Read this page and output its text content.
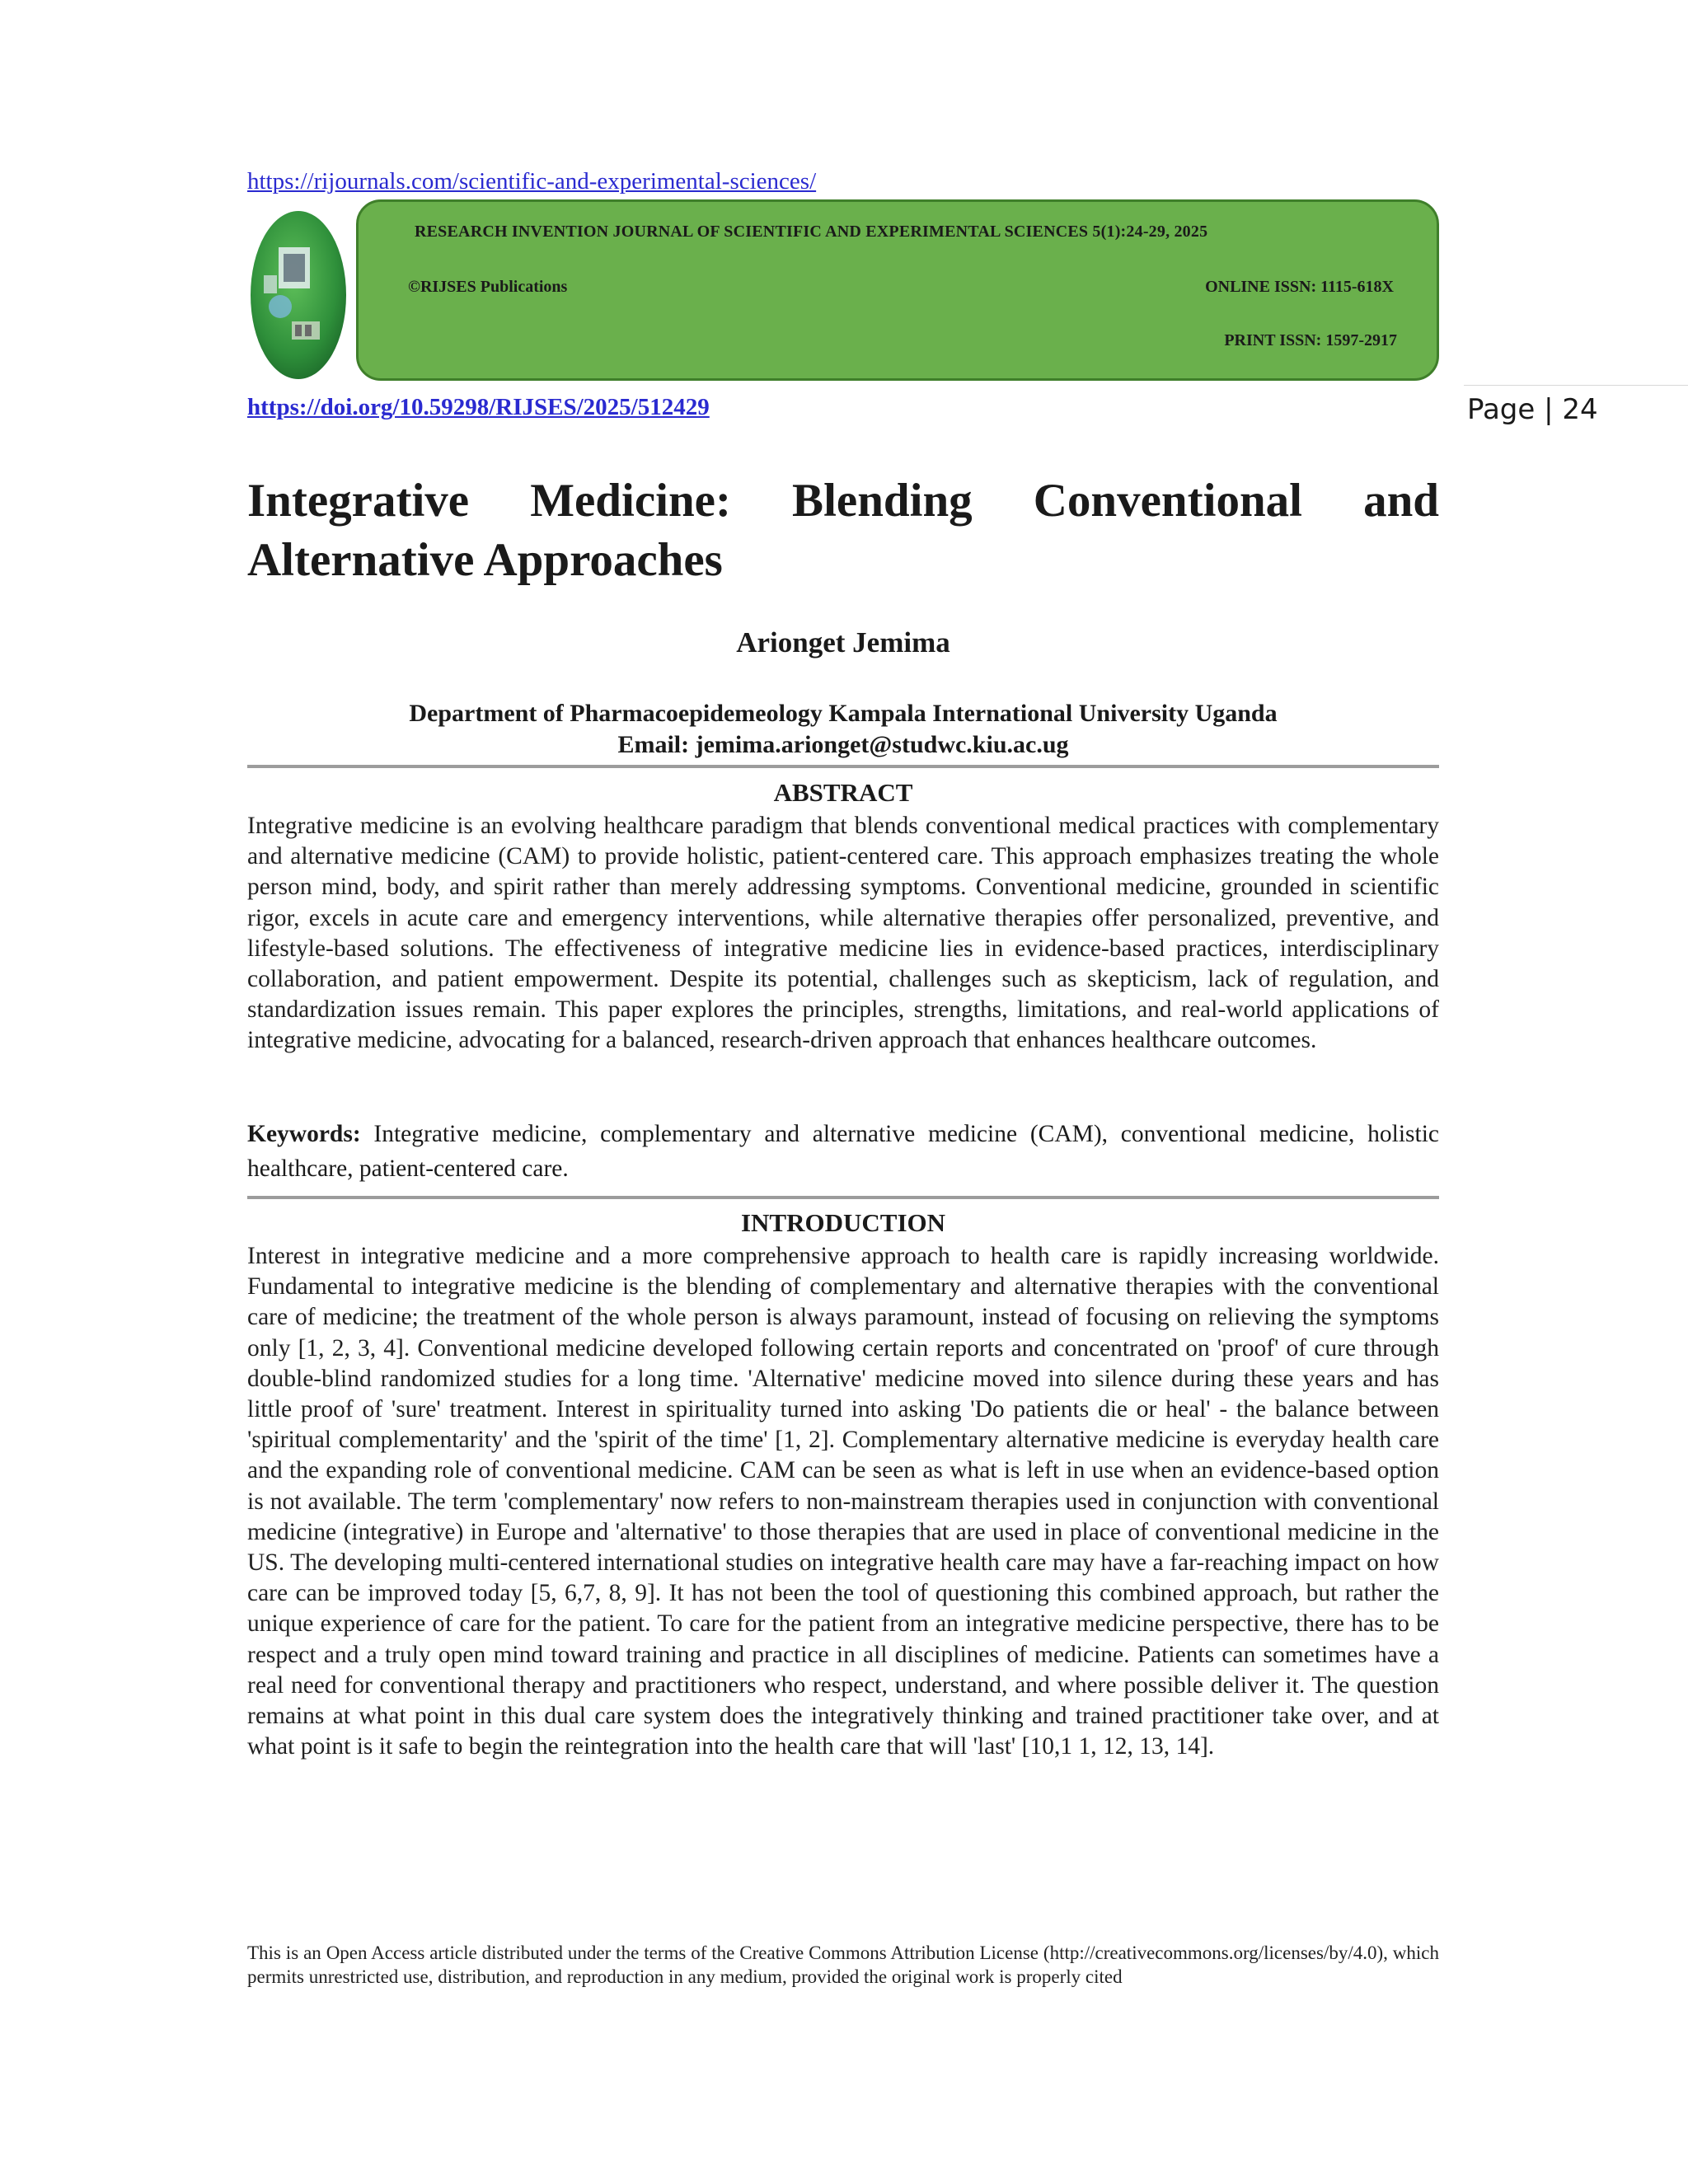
https://rijournals.com/scientific-and-experimental-sciences/
RESEARCH INVENTION JOURNAL OF SCIENTIFIC AND EXPERIMENTAL SCIENCES 5(1):24-29, 2025
©RIJSES Publications	ONLINE ISSN: 1115-618X
PRINT ISSN: 1597-2917
https://doi.org/10.59298/RIJSES/2025/512429	Page | 24
Integrative Medicine: Blending Conventional and Alternative Approaches
Arionget Jemima
Department of Pharmacoepidemeology Kampala International University Uganda
Email: jemima.arionget@studwc.kiu.ac.ug
ABSTRACT
Integrative medicine is an evolving healthcare paradigm that blends conventional medical practices with complementary and alternative medicine (CAM) to provide holistic, patient-centered care. This approach emphasizes treating the whole person mind, body, and spirit rather than merely addressing symptoms. Conventional medicine, grounded in scientific rigor, excels in acute care and emergency interventions, while alternative therapies offer personalized, preventive, and lifestyle-based solutions. The effectiveness of integrative medicine lies in evidence-based practices, interdisciplinary collaboration, and patient empowerment. Despite its potential, challenges such as skepticism, lack of regulation, and standardization issues remain. This paper explores the principles, strengths, limitations, and real-world applications of integrative medicine, advocating for a balanced, research-driven approach that enhances healthcare outcomes.
Keywords: Integrative medicine, complementary and alternative medicine (CAM), conventional medicine, holistic healthcare, patient-centered care.
INTRODUCTION
Interest in integrative medicine and a more comprehensive approach to health care is rapidly increasing worldwide. Fundamental to integrative medicine is the blending of complementary and alternative therapies with the conventional care of medicine; the treatment of the whole person is always paramount, instead of focusing on relieving the symptoms only [1, 2, 3, 4]. Conventional medicine developed following certain reports and concentrated on 'proof' of cure through double-blind randomized studies for a long time. 'Alternative' medicine moved into silence during these years and has little proof of 'sure' treatment. Interest in spirituality turned into asking 'Do patients die or heal' - the balance between 'spiritual complementarity' and the 'spirit of the time' [1, 2]. Complementary alternative medicine is everyday health care and the expanding role of conventional medicine. CAM can be seen as what is left in use when an evidence-based option is not available. The term 'complementary' now refers to non-mainstream therapies used in conjunction with conventional medicine (integrative) in Europe and 'alternative' to those therapies that are used in place of conventional medicine in the US. The developing multi-centered international studies on integrative health care may have a far-reaching impact on how care can be improved today [5, 6,7, 8, 9]. It has not been the tool of questioning this combined approach, but rather the unique experience of care for the patient. To care for the patient from an integrative medicine perspective, there has to be respect and a truly open mind toward training and practice in all disciplines of medicine. Patients can sometimes have a real need for conventional therapy and practitioners who respect, understand, and where possible deliver it. The question remains at what point in this dual care system does the integratively thinking and trained practitioner take over, and at what point is it safe to begin the reintegration into the health care that will 'last' [10,1 1, 12, 13, 14].
This is an Open Access article distributed under the terms of the Creative Commons Attribution License (http://creativecommons.org/licenses/by/4.0), which permits unrestricted use, distribution, and reproduction in any medium, provided the original work is properly cited
